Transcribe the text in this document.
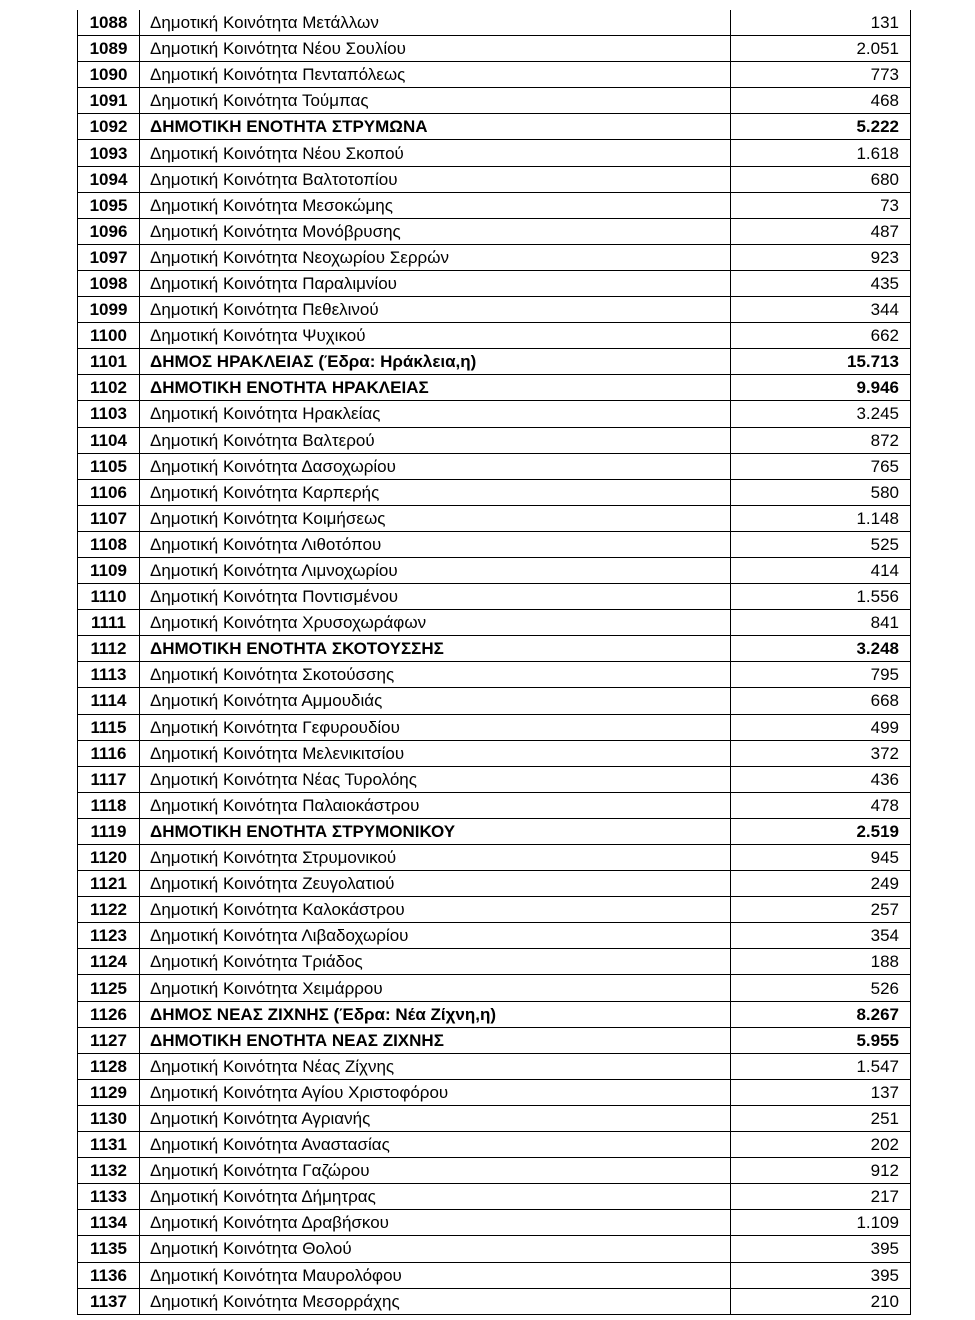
1088	Δημοτική Κοινότητα Μετάλλων	131
1089	Δημοτική Κοινότητα Νέου Σουλίου	2.051
1090	Δημοτική Κοινότητα Πενταπόλεως	773
1091	Δημοτική Κοινότητα Τούμπας	468
1092	ΔΗΜΟΤΙΚΗ ΕΝΟΤΗΤΑ ΣΤΡΥΜΩΝΑ	5.222
1093	Δημοτική Κοινότητα Νέου Σκοπού	1.618
1094	Δημοτική Κοινότητα Βαλτοτοπίου	680
1095	Δημοτική Κοινότητα Μεσοκώμης	73
1096	Δημοτική Κοινότητα Μονόβρυσης	487
1097	Δημοτική Κοινότητα Νεοχωρίου Σερρών	923
1098	Δημοτική Κοινότητα Παραλιμνίου	435
1099	Δημοτική Κοινότητα Πεθελινού	344
1100	Δημοτική Κοινότητα Ψυχικού	662
1101	ΔΗΜΟΣ ΗΡΑΚΛΕΙΑΣ (Έδρα: Ηράκλεια,η)	15.713
1102	ΔΗΜΟΤΙΚΗ ΕΝΟΤΗΤΑ ΗΡΑΚΛΕΙΑΣ	9.946
1103	Δημοτική Κοινότητα Ηρακλείας	3.245
1104	Δημοτική Κοινότητα Βαλτερού	872
1105	Δημοτική Κοινότητα Δασοχωρίου	765
1106	Δημοτική Κοινότητα Καρπερής	580
1107	Δημοτική Κοινότητα Κοιμήσεως	1.148
1108	Δημοτική Κοινότητα Λιθοτόπου	525
1109	Δημοτική Κοινότητα Λιμνοχωρίου	414
1110	Δημοτική Κοινότητα Ποντισμένου	1.556
1111	Δημοτική Κοινότητα Χρυσοχωράφων	841
1112	ΔΗΜΟΤΙΚΗ ΕΝΟΤΗΤΑ ΣΚΟΤΟΥΣΣΗΣ	3.248
1113	Δημοτική Κοινότητα Σκοτούσσης	795
1114	Δημοτική Κοινότητα Αμμουδιάς	668
1115	Δημοτική Κοινότητα Γεφυρουδίου	499
1116	Δημοτική Κοινότητα Μελενικιτσίου	372
1117	Δημοτική Κοινότητα Νέας Τυρολόης	436
1118	Δημοτική Κοινότητα Παλαιοκάστρου	478
1119	ΔΗΜΟΤΙΚΗ ΕΝΟΤΗΤΑ ΣΤΡΥΜΟΝΙΚΟΥ	2.519
1120	Δημοτική Κοινότητα Στρυμονικού	945
1121	Δημοτική Κοινότητα Ζευγολατιού	249
1122	Δημοτική Κοινότητα Καλοκάστρου	257
1123	Δημοτική Κοινότητα Λιβαδοχωρίου	354
1124	Δημοτική Κοινότητα Τριάδος	188
1125	Δημοτική Κοινότητα Χειμάρρου	526
1126	ΔΗΜΟΣ ΝΕΑΣ ΖΙΧΝΗΣ (Έδρα: Νέα Ζίχνη,η)	8.267
1127	ΔΗΜΟΤΙΚΗ ΕΝΟΤΗΤΑ ΝΕΑΣ ΖΙΧΝΗΣ	5.955
1128	Δημοτική Κοινότητα Νέας Ζίχνης	1.547
1129	Δημοτική Κοινότητα Αγίου Χριστοφόρου	137
1130	Δημοτική Κοινότητα Αγριανής	251
1131	Δημοτική Κοινότητα Αναστασίας	202
1132	Δημοτική Κοινότητα Γαζώρου	912
1133	Δημοτική Κοινότητα Δήμητρας	217
1134	Δημοτική Κοινότητα Δραβήσκου	1.109
1135	Δημοτική Κοινότητα Θολού	395
1136	Δημοτική Κοινότητα Μαυρολόφου	395
1137	Δημοτική Κοινότητα Μεσορράχης	210
